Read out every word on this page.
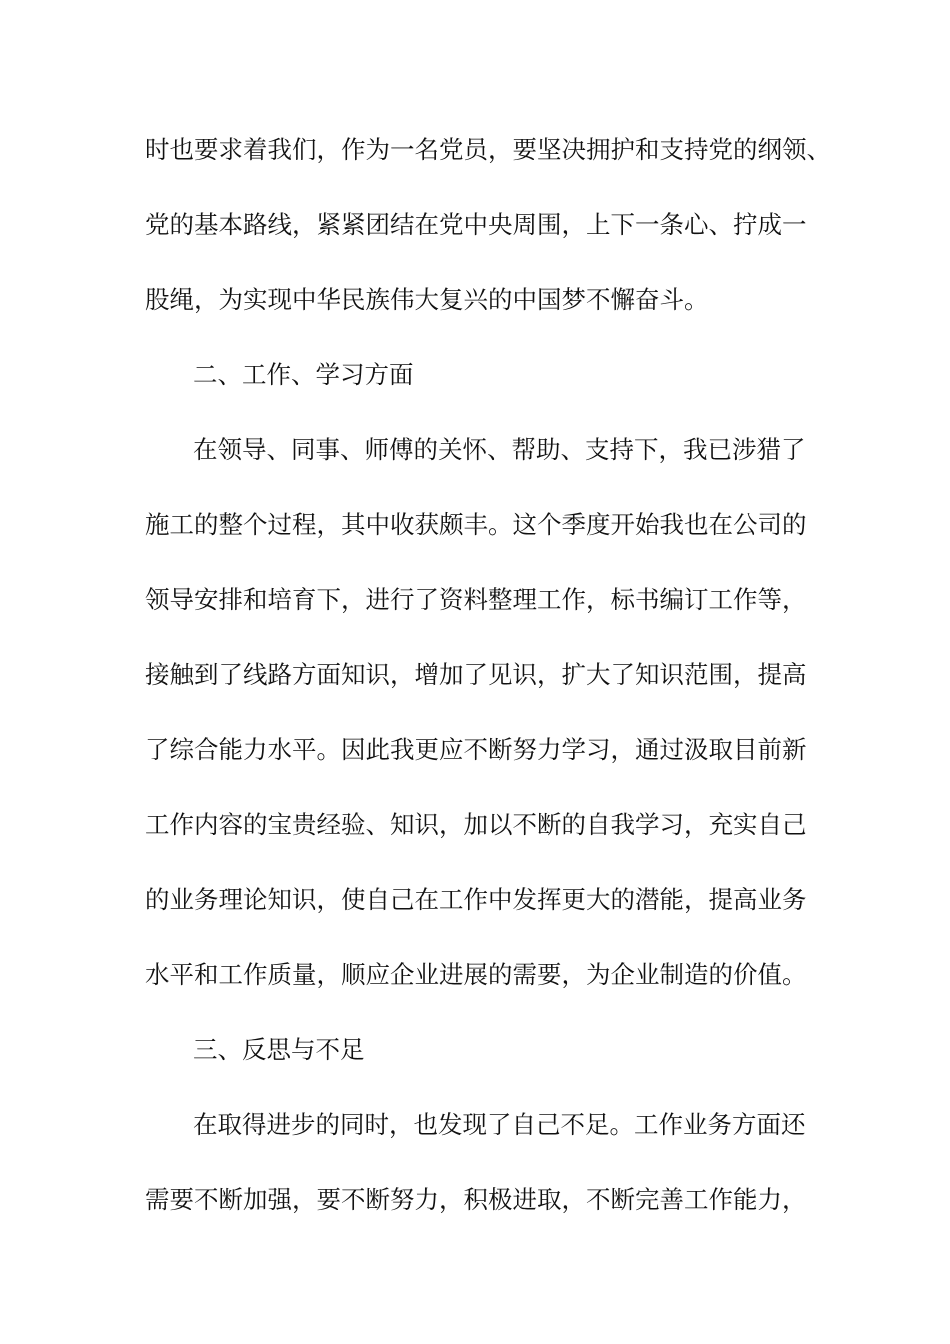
时也要求着我们，作为一名党员，要坚决拥护和支持党的纲领、
党的基本路线，紧紧团结在党中央周围，上下一条心、拧成一
股绳，为实现中华民族伟大复兴的中国梦不懈奋斗。
二、工作、学习方面
在领导、同事、师傅的关怀、帮助、支持下，我已涉猎了
施工的整个过程，其中收获颇丰。这个季度开始我也在公司的
领导安排和培育下，进行了资料整理工作，标书编订工作等，
接触到了线路方面知识，增加了见识，扩大了知识范围，提高
了综合能力水平。因此我更应不断努力学习，通过汲取目前新
工作内容的宝贵经验、知识，加以不断的自我学习，充实自己
的业务理论知识，使自己在工作中发挥更大的潜能，提高业务
水平和工作质量，顺应企业进展的需要，为企业制造的价值。
三、反思与不足
在取得进步的同时，也发现了自己不足。工作业务方面还
需要不断加强，要不断努力，积极进取，不断完善工作能力，
